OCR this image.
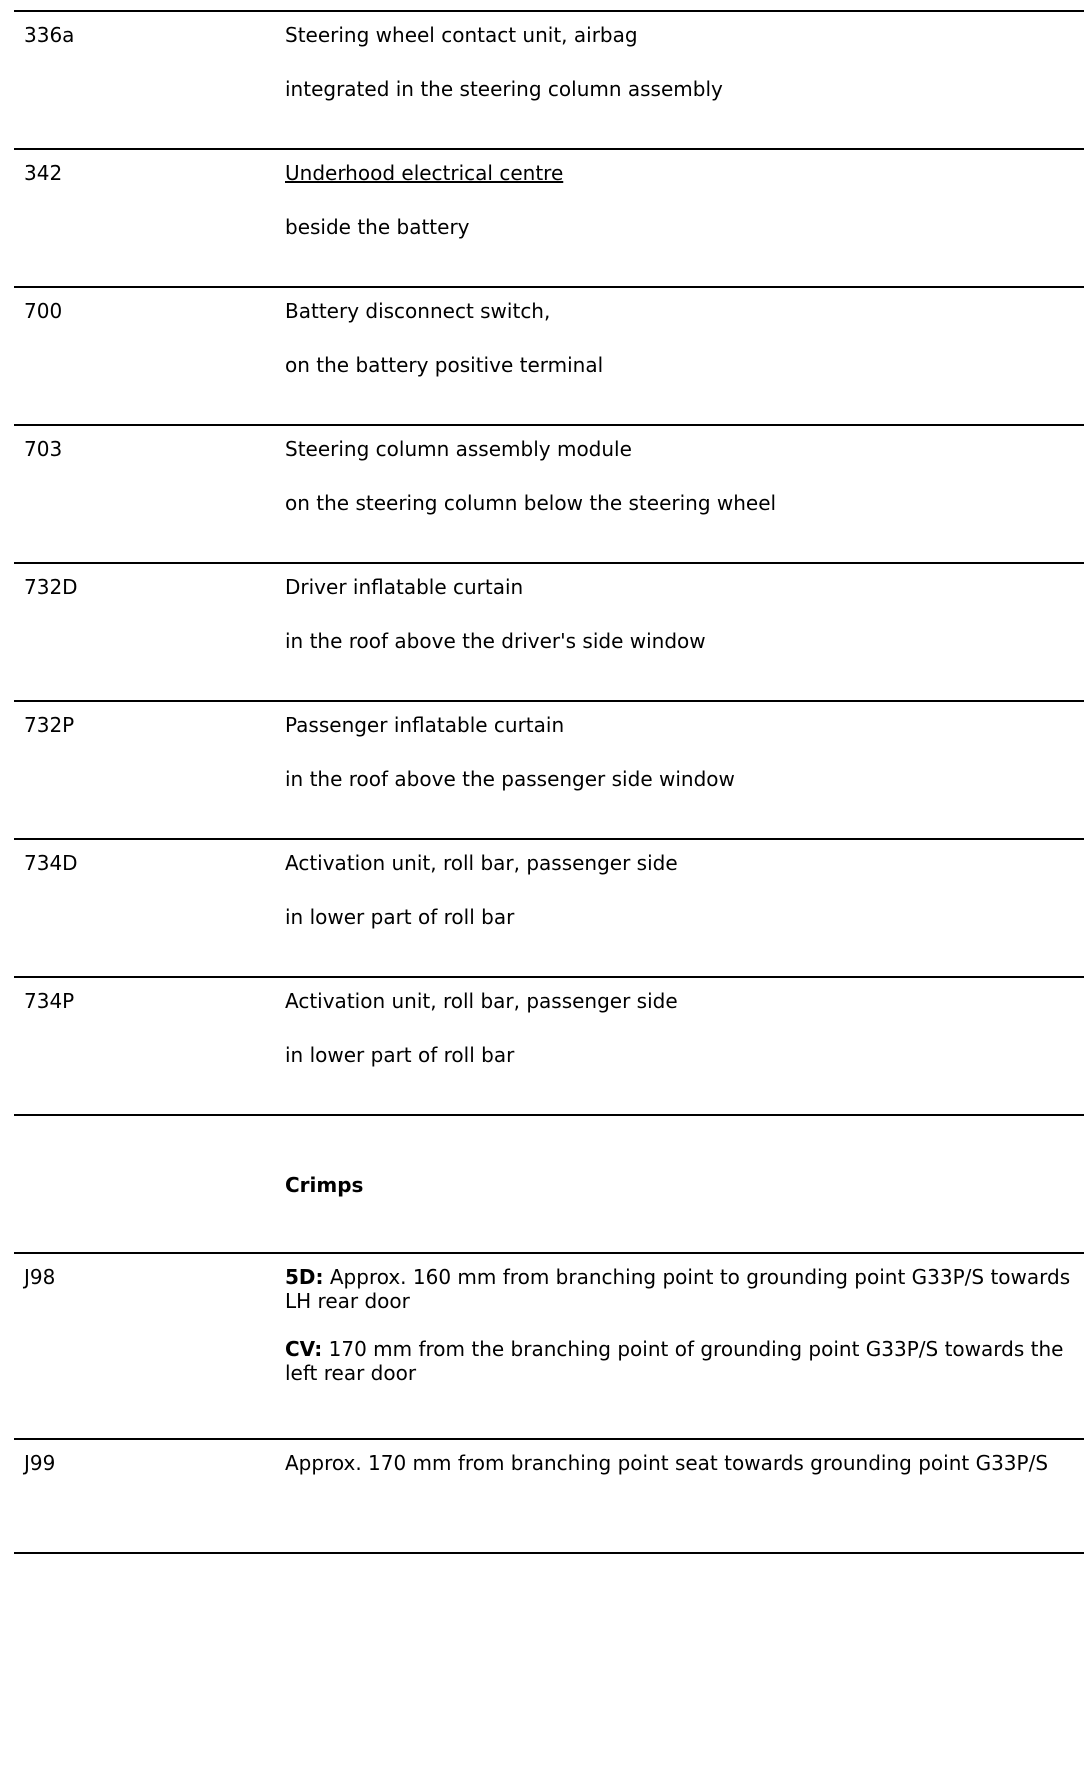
336a	Steering wheel contact unit, airbag

integrated in the steering column assembly

342	Underhood electrical centre

beside the battery

700	Battery disconnect switch,

on the battery positive terminal

703	Steering column assembly module

on the steering column below the steering wheel

732D	Driver inflatable curtain

in the roof above the driver's side window

732P	Passenger inflatable curtain

in the roof above the passenger side window

734D	Activation unit, roll bar, passenger side

in lower part of roll bar

734P	Activation unit, roll bar, passenger side

in lower part of roll bar

Crimps
J98	5D: Approx. 160 mm from branching point to grounding point G33P/S towards LH rear door

CV: 170 mm from the branching point of grounding point G33P/S towards the left rear door

J99	Approx. 170 mm from branching point seat towards grounding point G33P/S
